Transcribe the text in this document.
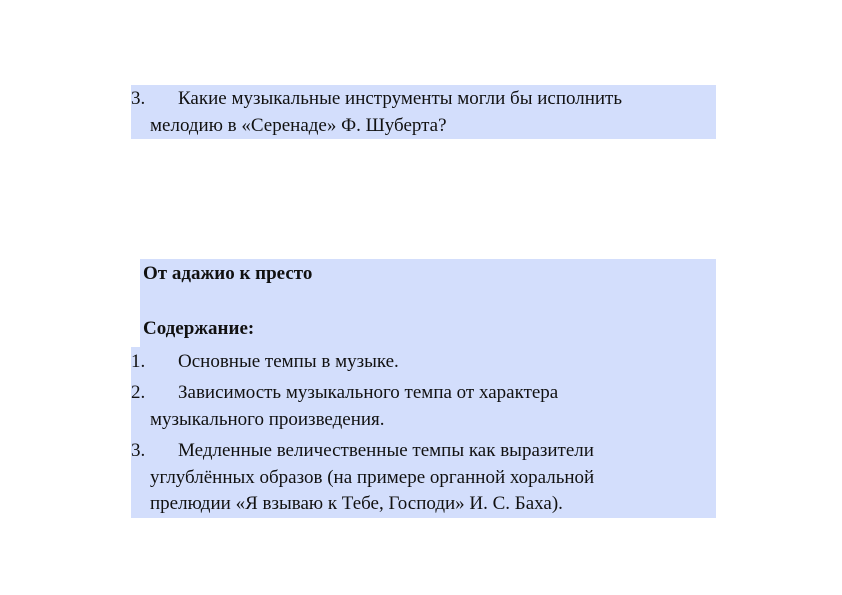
3. Какие музыкальные инструменты могли бы исполнить
мелодию в «Серенаде» Ф. Шуберта?
От адажио к престо
Содержание:
1. Основные темпы в музыке.
2. Зависимость музыкального темпа от характера
музыкального произведения.
3. Медленные величественные темпы как выразители
углублённых образов (на примере органной хоральной
прелюдии «Я взываю к Тебе, Господи» И. С. Баха).
